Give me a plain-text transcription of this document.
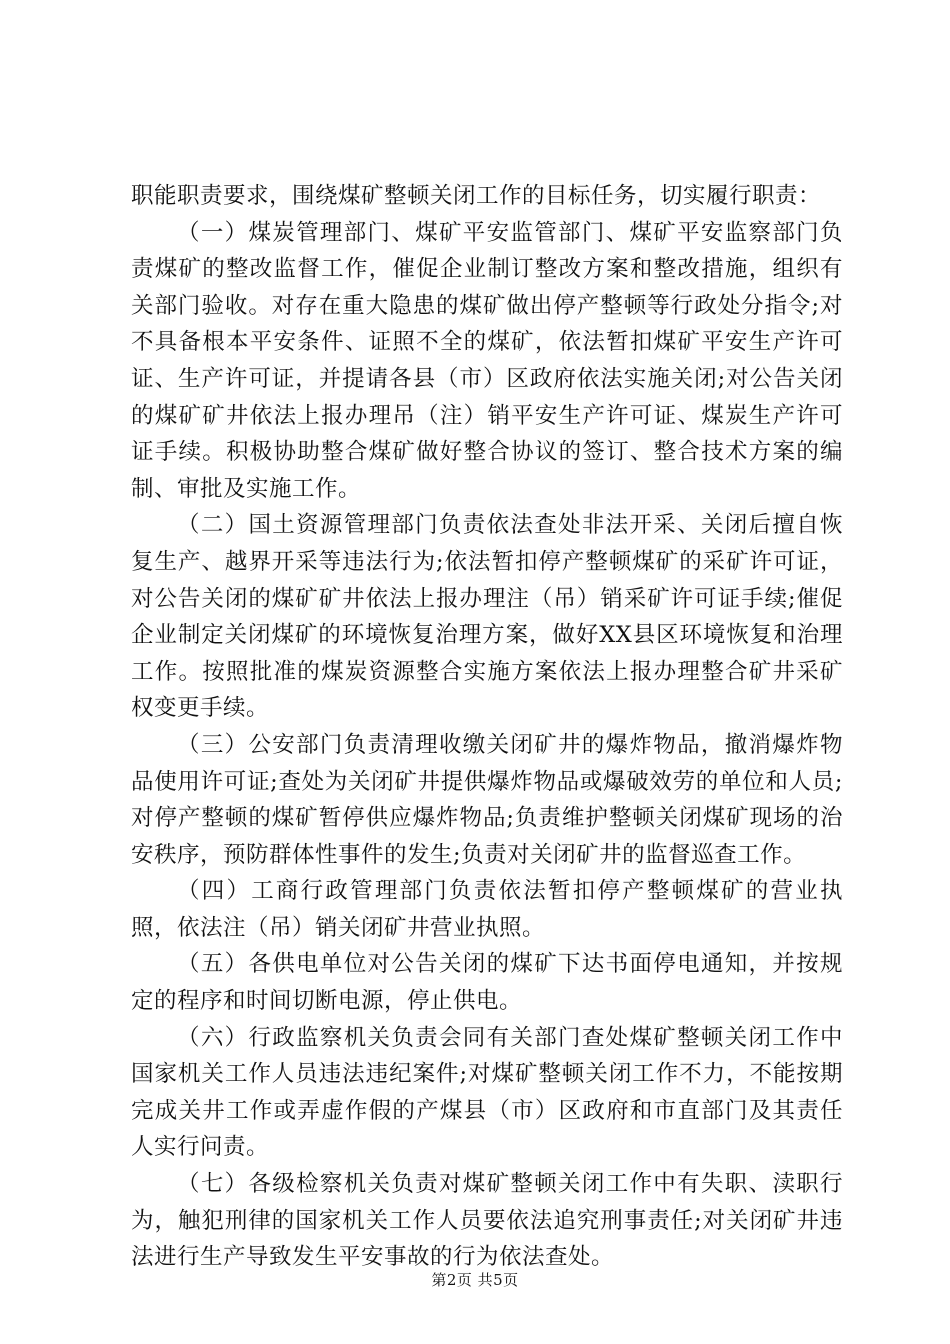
职能职责要求，围绕煤矿整顿关闭工作的目标任务，切实履行职责：

（一）煤炭管理部门、煤矿平安监管部门、煤矿平安监察部门负责煤矿的整改监督工作，催促企业制订整改方案和整改措施，组织有关部门验收。对存在重大隐患的煤矿做出停产整顿等行政处分指令;对不具备根本平安条件、证照不全的煤矿，依法暂扣煤矿平安生产许可证、生产许可证，并提请各县（市）区政府依法实施关闭;对公告关闭的煤矿矿井依法上报办理吊（注）销平安生产许可证、煤炭生产许可证手续。积极协助整合煤矿做好整合协议的签订、整合技术方案的编制、审批及实施工作。

（二）国土资源管理部门负责依法查处非法开采、关闭后擅自恢复生产、越界开采等违法行为;依法暂扣停产整顿煤矿的采矿许可证，对公告关闭的煤矿矿井依法上报办理注（吊）销采矿许可证手续;催促企业制定关闭煤矿的环境恢复治理方案，做好XX县区环境恢复和治理工作。按照批准的煤炭资源整合实施方案依法上报办理整合矿井采矿权变更手续。

（三）公安部门负责清理收缴关闭矿井的爆炸物品，撤消爆炸物品使用许可证;查处为关闭矿井提供爆炸物品或爆破效劳的单位和人员;对停产整顿的煤矿暂停供应爆炸物品;负责维护整顿关闭煤矿现场的治安秩序，预防群体性事件的发生;负责对关闭矿井的监督巡查工作。

（四）工商行政管理部门负责依法暂扣停产整顿煤矿的营业执照，依法注（吊）销关闭矿井营业执照。

（五）各供电单位对公告关闭的煤矿下达书面停电通知，并按规定的程序和时间切断电源，停止供电。

（六）行政监察机关负责会同有关部门查处煤矿整顿关闭工作中国家机关工作人员违法违纪案件;对煤矿整顿关闭工作不力，不能按期完成关井工作或弄虚作假的产煤县（市）区政府和市直部门及其责任人实行问责。

（七）各级检察机关负责对煤矿整顿关闭工作中有失职、渎职行为，触犯刑律的国家机关工作人员要依法追究刑事责任;对关闭矿井违法进行生产导致发生平安事故的行为依法查处。

第2页 共5页
